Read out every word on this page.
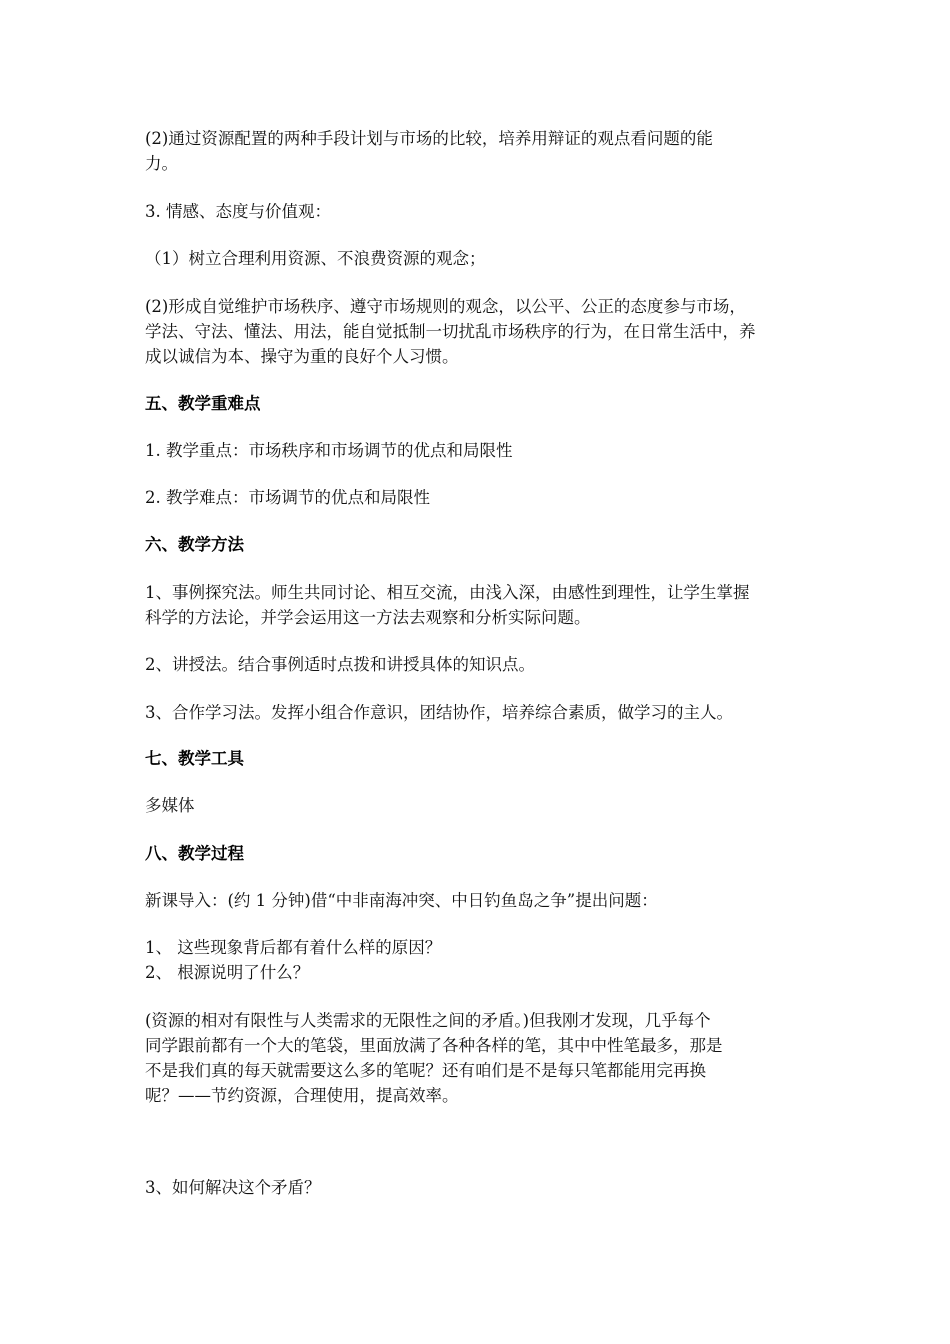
(2)通过资源配置的两种手段计划与市场的比较，培养用辩证的观点看问题的能
力。

3. 情感、态度与价值观：

（1）树立合理利用资源、不浪费资源的观念；

(2)形成自觉维护市场秩序、遵守市场规则的观念，以公平、公正的态度参与市场，
学法、守法、懂法、用法，能自觉抵制一切扰乱市场秩序的行为，在日常生活中，养
成以诚信为本、操守为重的良好个人习惯。

五、教学重难点

1. 教学重点：市场秩序和市场调节的优点和局限性

2. 教学难点：市场调节的优点和局限性

六、教学方法

1、事例探究法。师生共同讨论、相互交流，由浅入深，由感性到理性，让学生掌握
科学的方法论，并学会运用这一方法去观察和分析实际问题。

2、讲授法。结合事例适时点拨和讲授具体的知识点。

3、合作学习法。发挥小组合作意识，团结协作，培养综合素质，做学习的主人。

七、教学工具

多媒体

八、教学过程

新课导入：(约 1 分钟)借“中非南海冲突、中日钓鱼岛之争”提出问题：

1、 这些现象背后都有着什么样的原因？
2、 根源说明了什么？

(资源的相对有限性与人类需求的无限性之间的矛盾。)但我刚才发现，几乎每个
同学跟前都有一个大的笔袋，里面放满了各种各样的笔，其中中性笔最多，那是
不是我们真的每天就需要这么多的笔呢？还有咱们是不是每只笔都能用完再换
呢？——节约资源，合理使用，提高效率。

3、如何解决这个矛盾？
